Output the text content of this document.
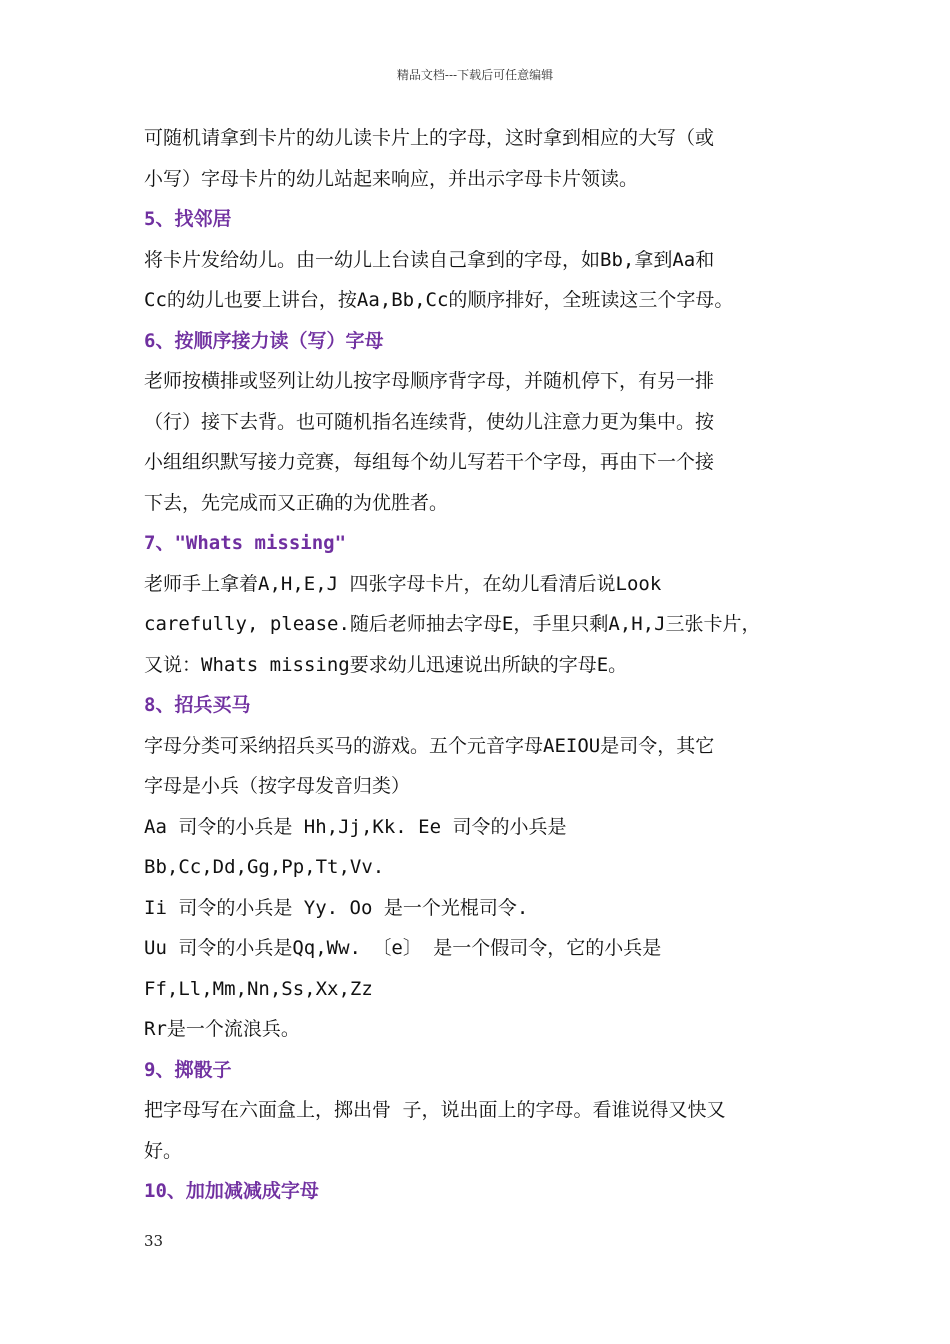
精品文档---下载后可任意编辑
可随机请拿到卡片的幼儿读卡片上的字母，这时拿到相应的大写（或
小写）字母卡片的幼儿站起来响应，并出示字母卡片领读。
5、找邻居
将卡片发给幼儿。由一幼儿上台读自己拿到的字母，如Bb,拿到Aa和
Cc的幼儿也要上讲台，按Aa,Bb,Cc的顺序排好，全班读这三个字母。
6、按顺序接力读（写）字母
老师按横排或竖列让幼儿按字母顺序背字母，并随机停下，有另一排
（行）接下去背。也可随机指名连续背，使幼儿注意力更为集中。按
小组组织默写接力竞赛，每组每个幼儿写若干个字母，再由下一个接
下去，先完成而又正确的为优胜者。
7、"Whats missing"
老师手上拿着A,H,E,J 四张字母卡片，在幼儿看清后说Look
carefully, please.随后老师抽去字母E，手里只剩A,H,J三张卡片，
又说：Whats missing要求幼儿迅速说出所缺的字母E。
8、招兵买马
字母分类可采纳招兵买马的游戏。五个元音字母AEIOU是司令，其它
字母是小兵（按字母发音归类）
Aa 司令的小兵是 Hh,Jj,Kk. Ee 司令的小兵是
Bb,Cc,Dd,Gg,Pp,Tt,Vv.
Ii 司令的小兵是 Yy. Oo 是一个光棍司令.
Uu 司令的小兵是Qq,Ww. 〔e〕 是一个假司令，它的小兵是
Ff,Ll,Mm,Nn,Ss,Xx,Zz
Rr是一个流浪兵。
9、掷骰子
把字母写在六面盒上，掷出骨 子，说出面上的字母。看谁说得又快又
好。
10、加加减减成字母
33
